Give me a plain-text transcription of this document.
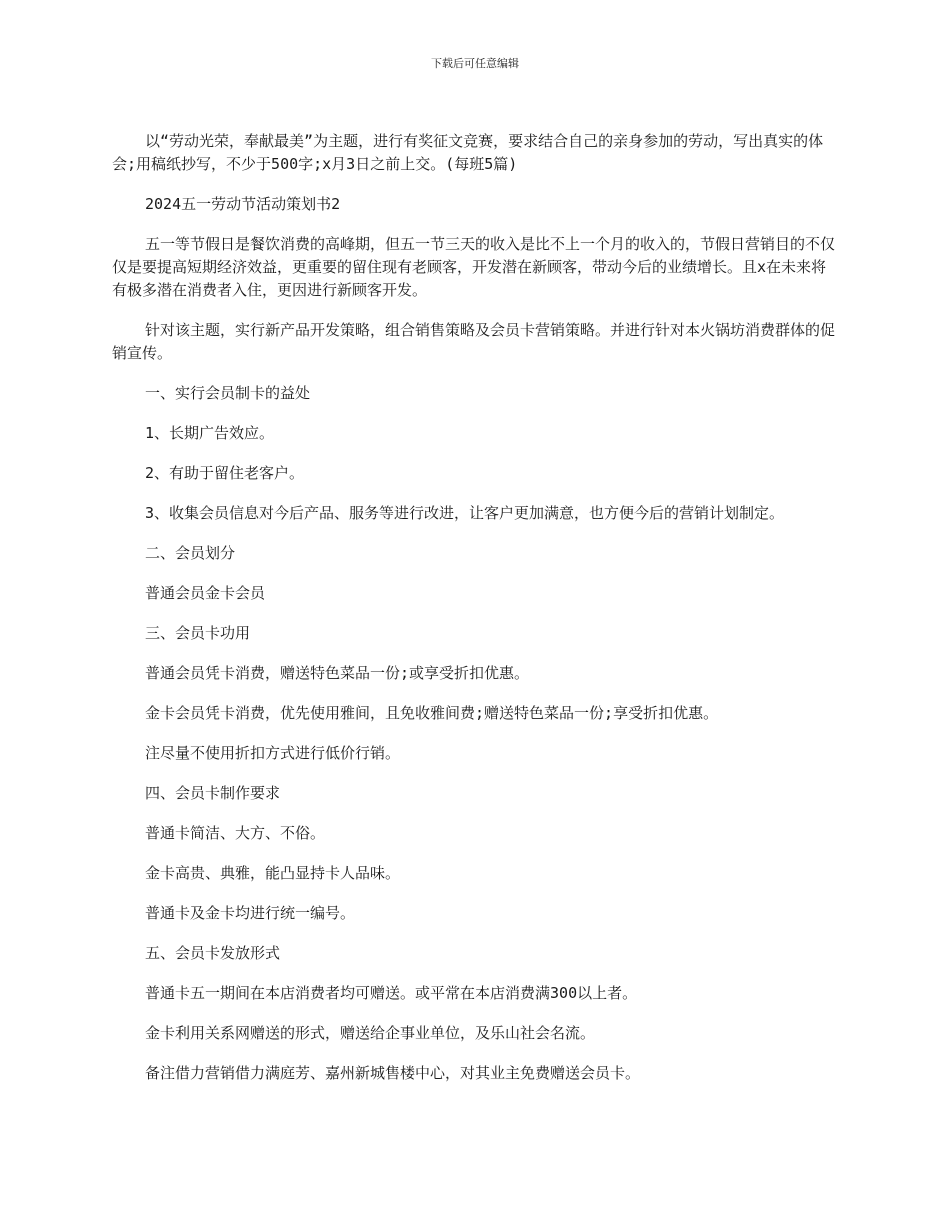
下载后可任意编辑

以“劳动光荣，奉献最美”为主题，进行有奖征文竞赛，要求结合自己的亲身参加的劳动，写出真实的体会;用稿纸抄写，不少于500字;x月3日之前上交。(每班5篇)

2024五一劳动节活动策划书2

五一等节假日是餐饮消费的高峰期，但五一节三天的收入是比不上一个月的收入的，节假日营销目的不仅仅是要提高短期经济效益，更重要的留住现有老顾客，开发潜在新顾客，带动今后的业绩增长。且x在未来将有极多潜在消费者入住，更因进行新顾客开发。

针对该主题，实行新产品开发策略，组合销售策略及会员卡营销策略。并进行针对本火锅坊消费群体的促销宣传。

一、实行会员制卡的益处

1、长期广告效应。

2、有助于留住老客户。

3、收集会员信息对今后产品、服务等进行改进，让客户更加满意，也方便今后的营销计划制定。

二、会员划分

普通会员金卡会员

三、会员卡功用

普通会员凭卡消费，赠送特色菜品一份;或享受折扣优惠。

金卡会员凭卡消费，优先使用雅间，且免收雅间费;赠送特色菜品一份;享受折扣优惠。

注尽量不使用折扣方式进行低价行销。

四、会员卡制作要求

普通卡简洁、大方、不俗。

金卡高贵、典雅，能凸显持卡人品味。

普通卡及金卡均进行统一编号。

五、会员卡发放形式

普通卡五一期间在本店消费者均可赠送。或平常在本店消费满300以上者。

金卡利用关系网赠送的形式，赠送给企事业单位，及乐山社会名流。

备注借力营销借力满庭芳、嘉州新城售楼中心，对其业主免费赠送会员卡。
